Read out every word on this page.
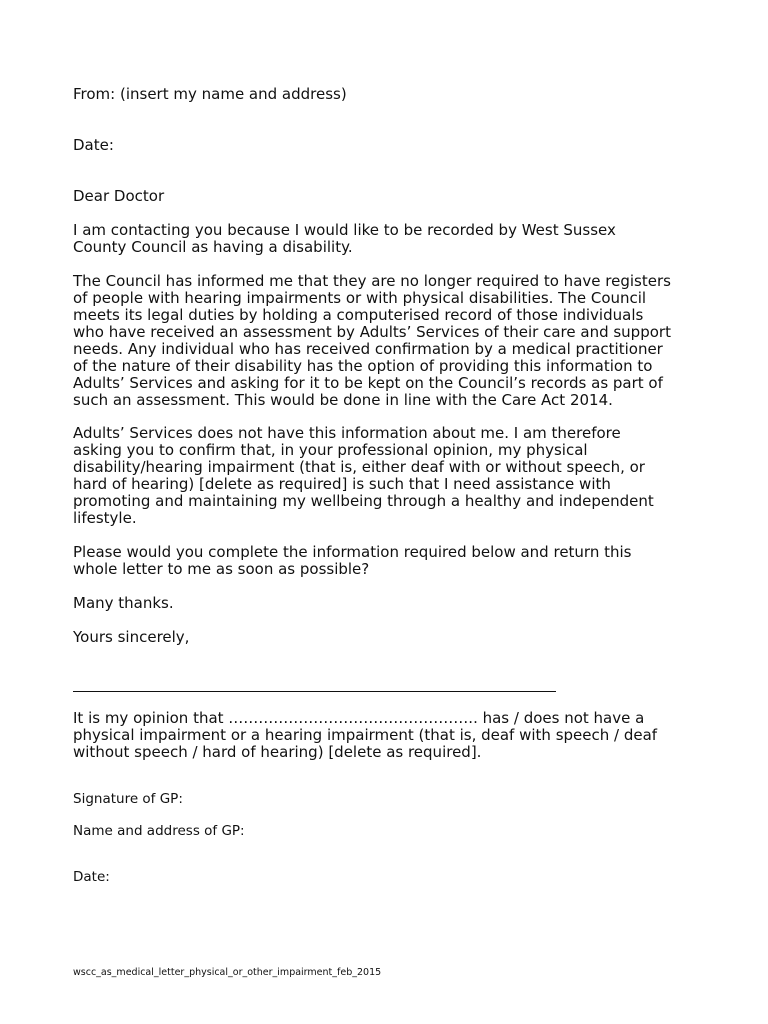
From: (insert my name and address)
Date:
Dear Doctor
I am contacting you because I would like to be recorded by West Sussex
County Council as having a disability.
The Council has informed me that they are no longer required to have registers
of people with hearing impairments or with physical disabilities. The Council
meets its legal duties by holding a computerised record of those individuals
who have received an assessment by Adults’ Services of their care and support
needs. Any individual who has received confirmation by a medical practitioner
of the nature of their disability has the option of providing this information to
Adults’ Services and asking for it to be kept on the Council’s records as part of
such an assessment. This would be done in line with the Care Act 2014.
Adults’ Services does not have this information about me. I am therefore
asking you to confirm that, in your professional opinion, my physical
disability/hearing impairment (that is, either deaf with or without speech, or
hard of hearing) [delete as required] is such that I need assistance with
promoting and maintaining my wellbeing through a healthy and independent
lifestyle.
Please would you complete the information required below and return this
whole letter to me as soon as possible?
Many thanks.
Yours sincerely,
It is my opinion that ………………………………………….. has / does not have a
physical impairment or a hearing impairment (that is, deaf with speech / deaf
without speech / hard of hearing) [delete as required].
Signature of GP:
Name and address of GP:
Date:
wscc_as_medical_letter_physical_or_other_impairment_feb_2015
